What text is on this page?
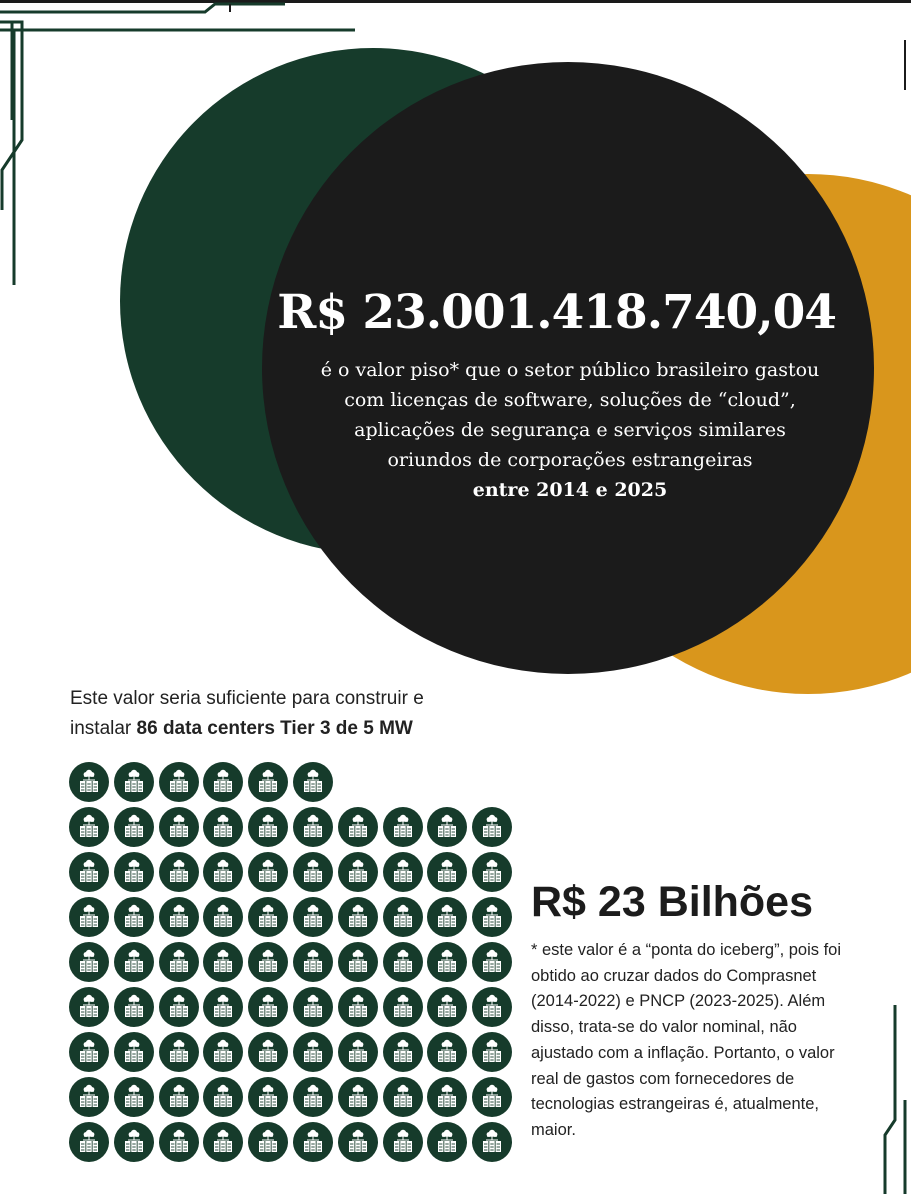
R$ 23.001.418.740,04
é o valor piso* que o setor público brasileiro gastou
com licenças de software, soluções de “cloud”,
aplicações de segurança e serviços similares
oriundos de corporações estrangeiras
entre 2014 e 2025
Este valor seria suficiente para construir e
instalar 86 data centers Tier 3 de 5 MW
R$ 23 Bilhões
* este valor é a “ponta do iceberg”, pois foi obtido ao cruzar dados do Comprasnet (2014-2022) e PNCP (2023-2025). Além disso, trata-se do valor nominal, não ajustado com a inflação. Portanto, o valor real de gastos com fornecedores de tecnologias estrangeiras é, atualmente, maior.
